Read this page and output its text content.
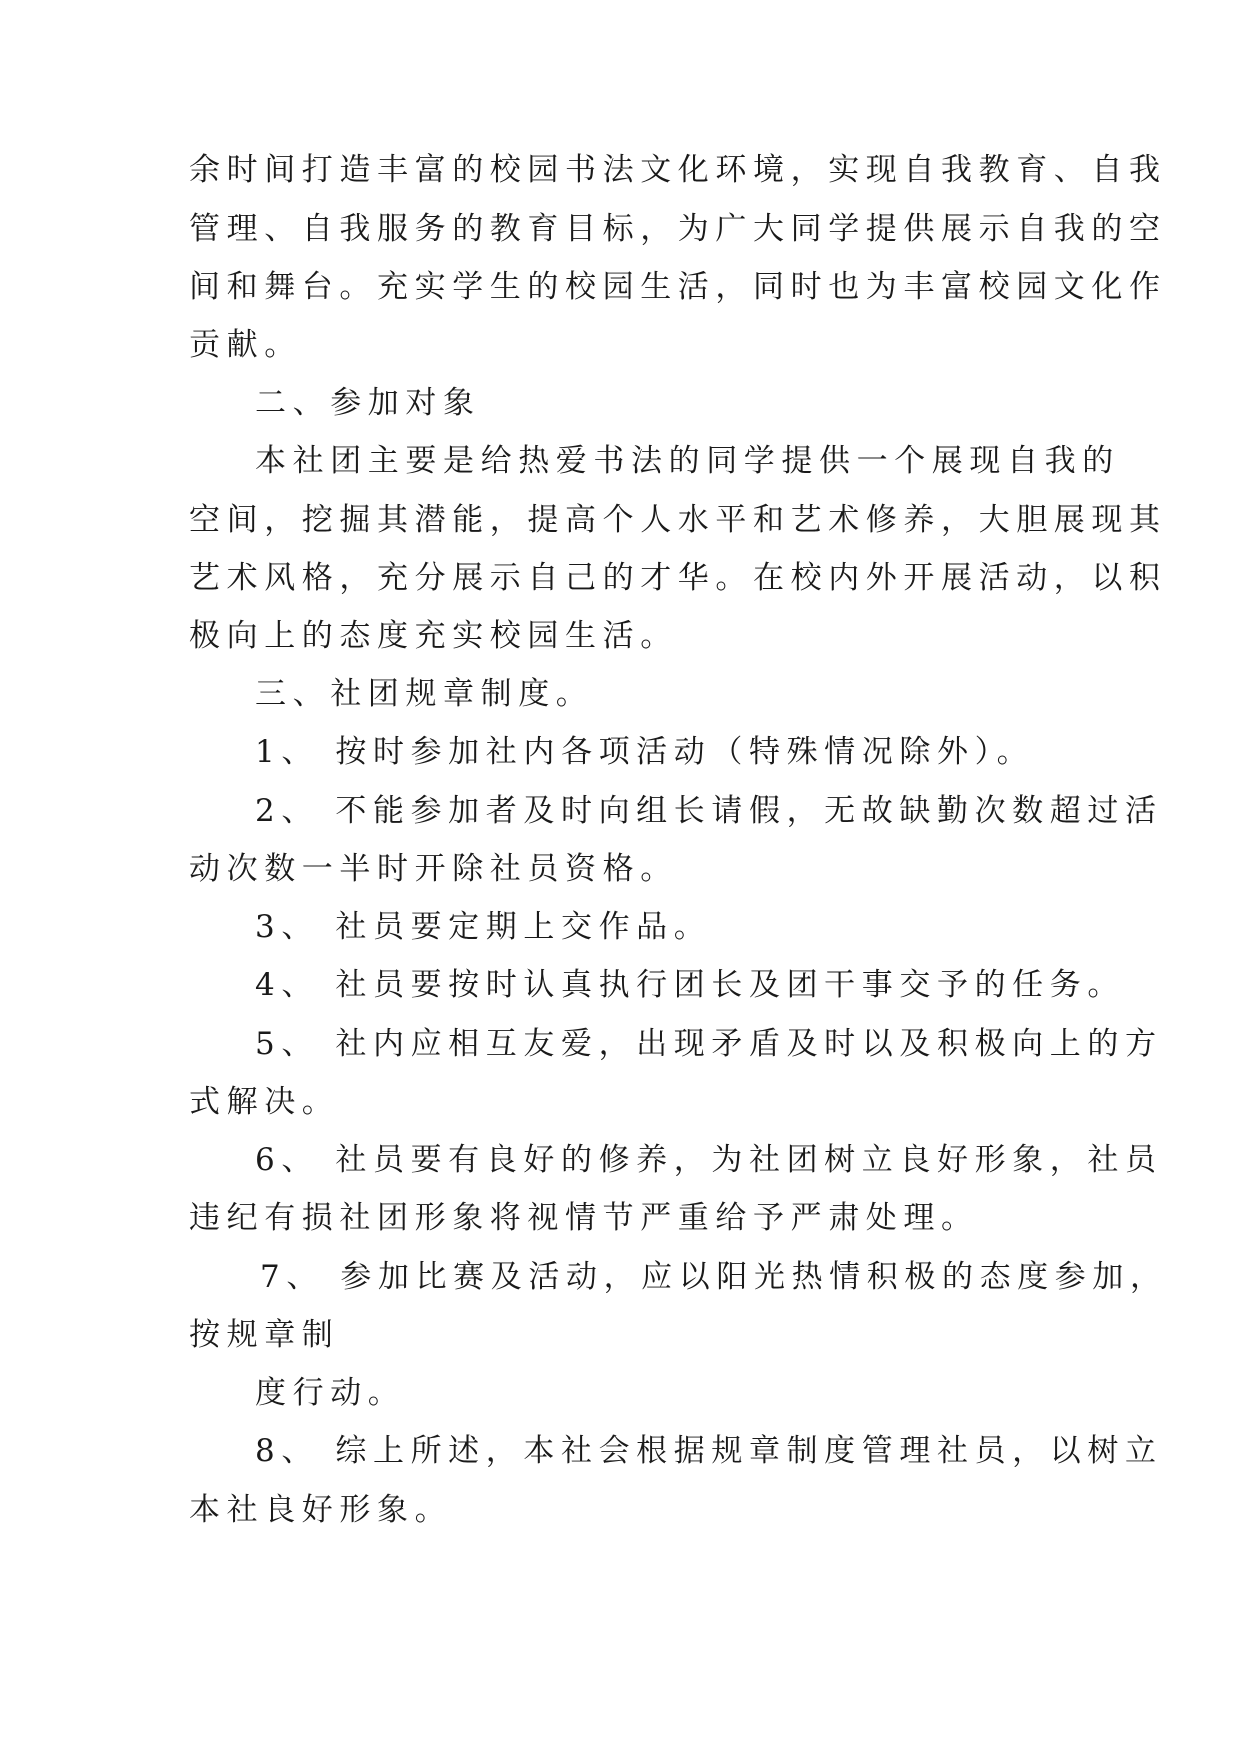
余时间打造丰富的校园书法文化环境，实现自我教育、自我
管理、自我服务的教育目标，为广大同学提供展示自我的空
间和舞台。充实学生的校园生活，同时也为丰富校园文化作
贡献。
二、参加对象
本社团主要是给热爱书法的同学提供一个展现自我的
空间，挖掘其潜能，提高个人水平和艺术修养，大胆展现其
艺术风格，充分展示自己的才华。在校内外开展活动，以积
极向上的态度充实校园生活。
三、社团规章制度。
1、 按时参加社内各项活动（特殊情况除外）。
2、 不能参加者及时向组长请假，无故缺勤次数超过活
动次数一半时开除社员资格。
3、 社员要定期上交作品。
4、 社员要按时认真执行团长及团干事交予的任务。
5、 社内应相互友爱，出现矛盾及时以及积极向上的方
式解决。
6、 社员要有良好的修养，为社团树立良好形象，社员
违纪有损社团形象将视情节严重给予严肃处理。
7、 参加比赛及活动，应以阳光热情积极的态度参加，
按规章制
度行动。
8、 综上所述，本社会根据规章制度管理社员，以树立
本社良好形象。
